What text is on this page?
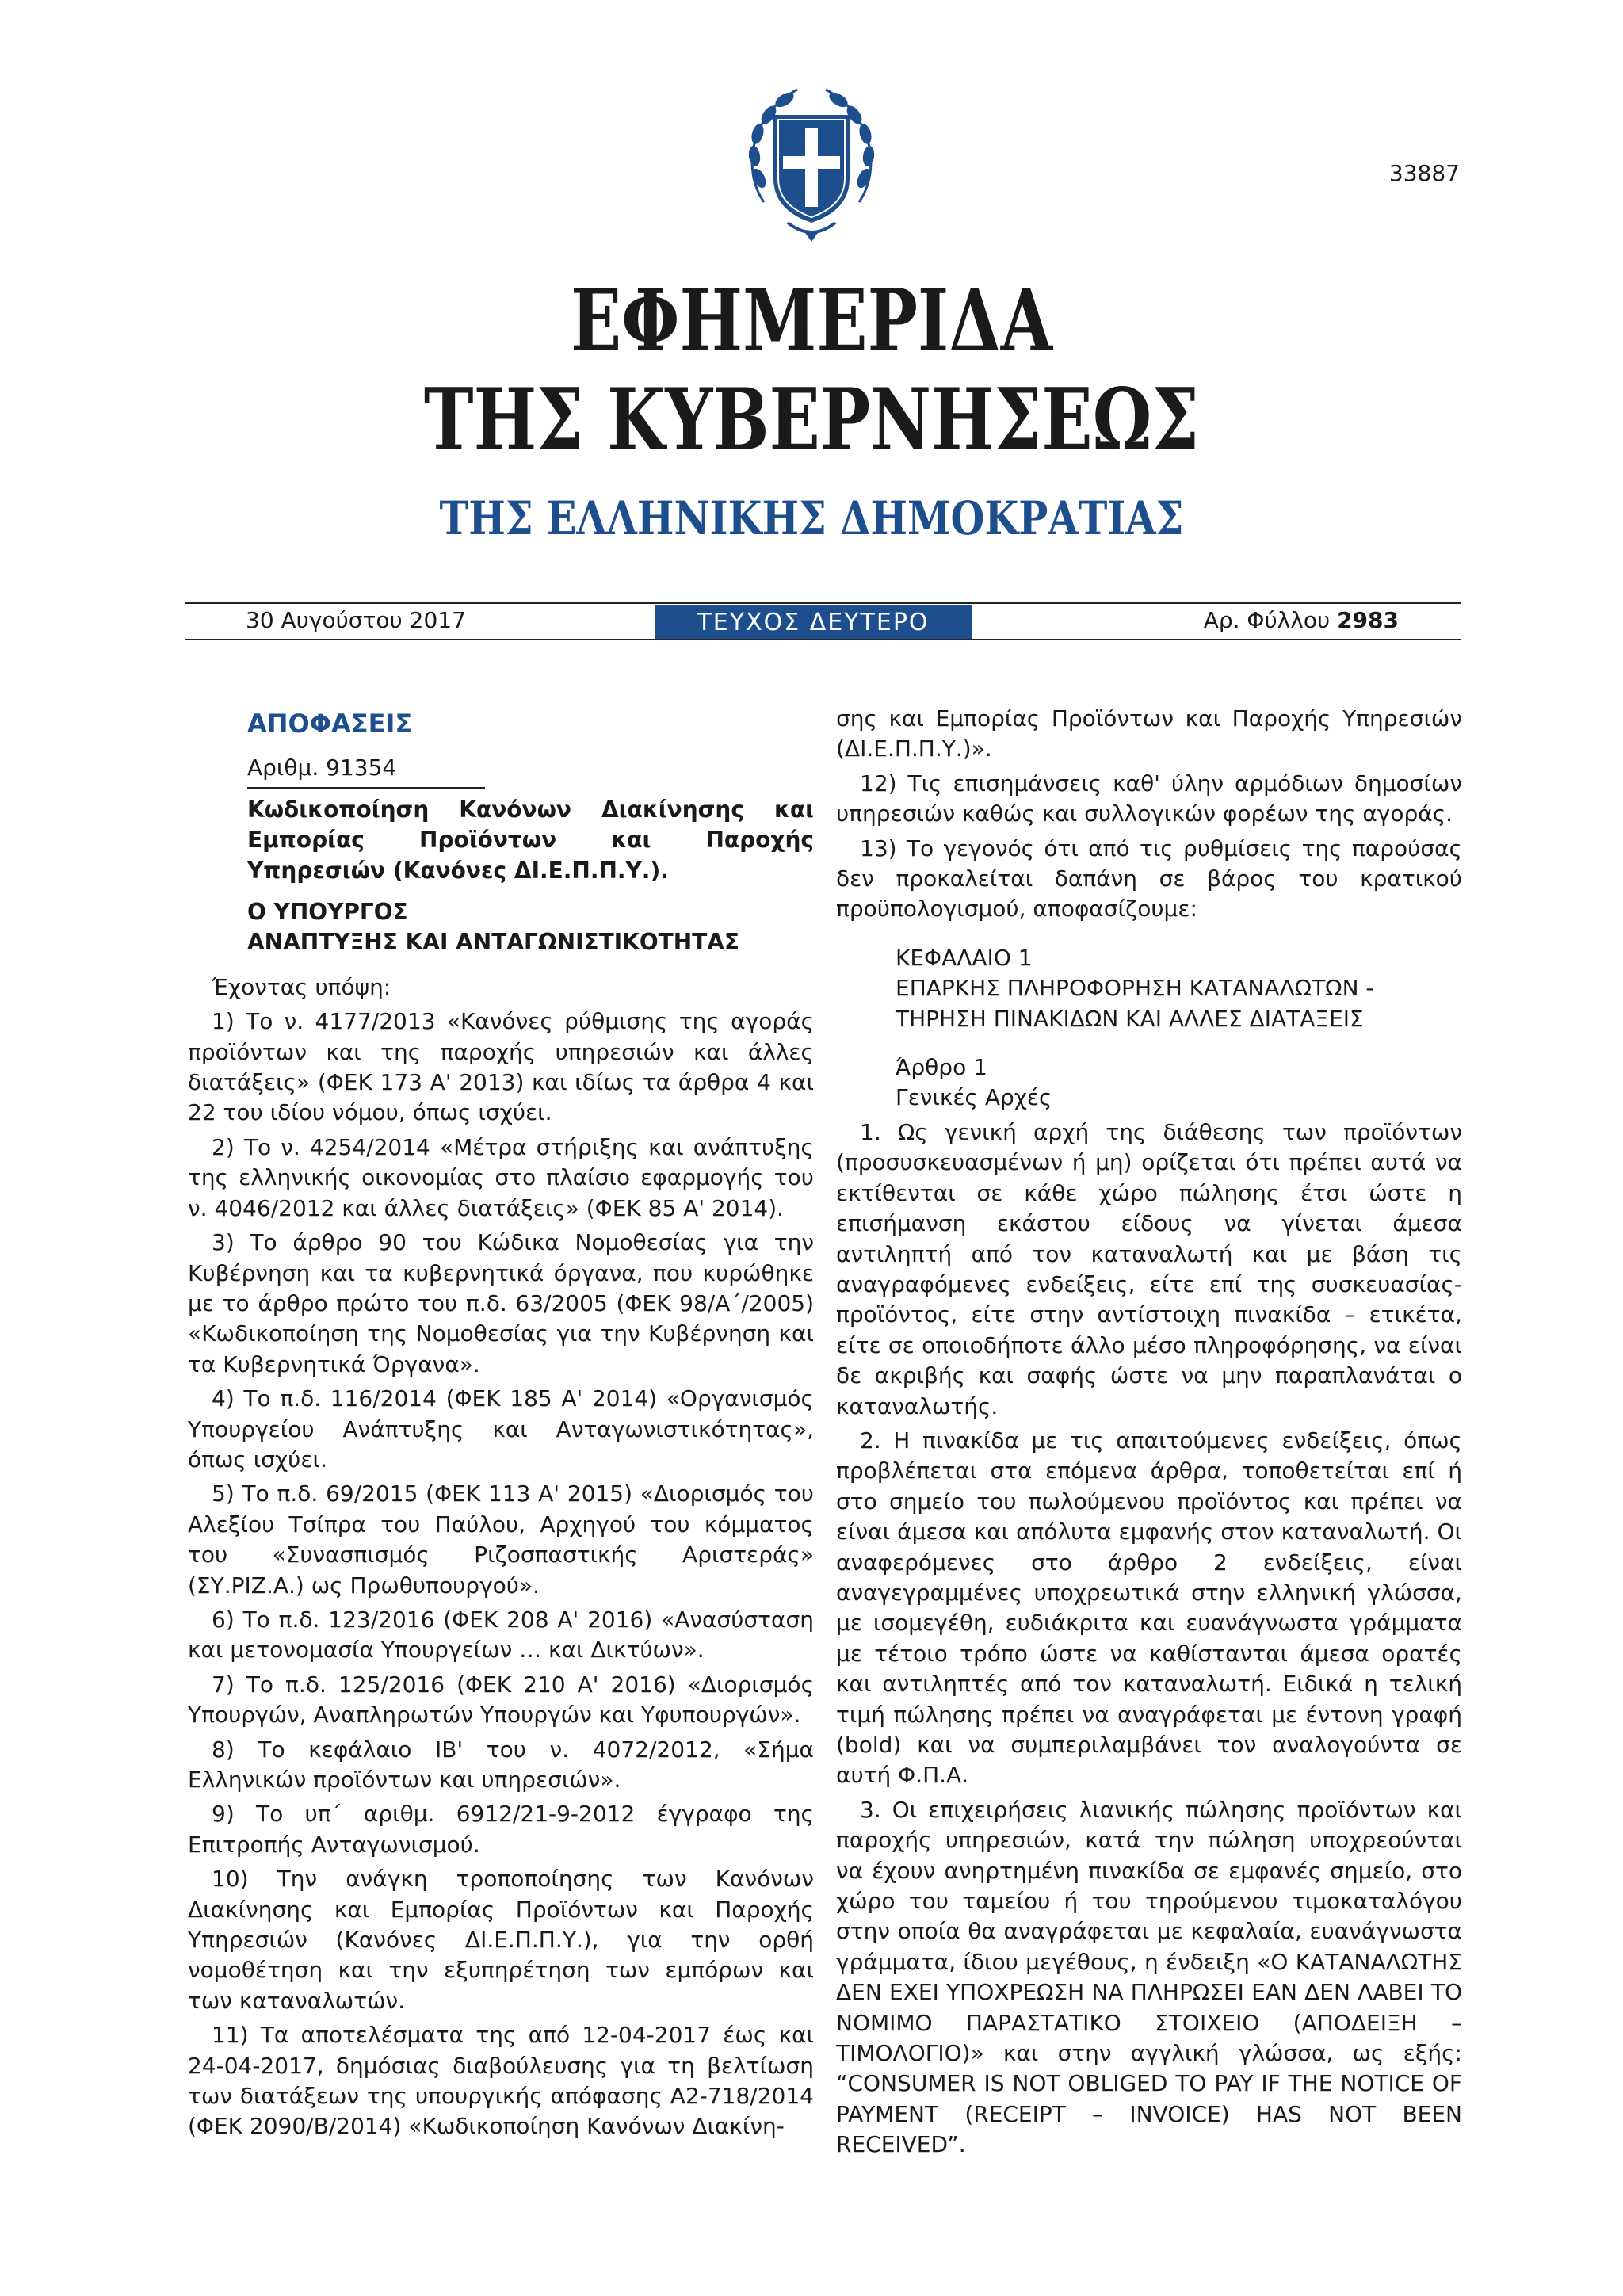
33887
ΕΦΗΜΕΡΙΔΑ
ΤΗΣ ΚΥΒΕΡΝΗΣΕΩΣ
ΤΗΣ ΕΛΛΗΝΙΚΗΣ ΔΗΜΟΚΡΑΤΙΑΣ
30 Αυγούστου 2017	ΤΕΥΧΟΣ ΔΕΥΤΕΡΟ	Αρ. Φύλλου 2983

ΑΠΟΦΑΣΕΙΣ

Αριθμ. 91354

Κωδικοποίηση Κανόνων Διακίνησης και Εμπορίας Προϊόντων και Παροχής Υπηρεσιών (Κανόνες ΔΙ.Ε.Π.Π.Υ.).

Ο ΥΠΟΥΡΓΟΣ

ΑΝΑΠΤΥΞΗΣ ΚΑΙ ΑΝΤΑΓΩΝΙΣΤΙΚΟΤΗΤΑΣ

Έχοντας υπόψη:

1) Το ν. 4177/2013 «Κανόνες ρύθμισης της αγοράς προϊόντων και της παροχής υπηρεσιών και άλλες διατάξεις» (ΦΕΚ 173 Α' 2013) και ιδίως τα άρθρα 4 και 22 του ιδίου νόμου, όπως ισχύει.

2) Το ν. 4254/2014 «Μέτρα στήριξης και ανάπτυξης της ελληνικής οικονομίας στο πλαίσιο εφαρμογής του ν. 4046/2012 και άλλες διατάξεις» (ΦΕΚ 85 Α' 2014).

3) Το άρθρο 90 του Κώδικα Νομοθεσίας για την Κυβέρνηση και τα κυβερνητικά όργανα, που κυρώθηκε με το άρθρο πρώτο του π.δ. 63/2005 (ΦΕΚ 98/Α΄/2005) «Κωδικοποίηση της Νομοθεσίας για την Κυβέρνηση και τα Κυβερνητικά Όργανα».

4) Το π.δ. 116/2014 (ΦΕΚ 185 Α' 2014) «Οργανισμός Υπουργείου Ανάπτυξης και Ανταγωνιστικότητας», όπως ισχύει.

5) Το π.δ. 69/2015 (ΦΕΚ 113 Α' 2015) «Διορισμός του Αλεξίου Τσίπρα του Παύλου, Αρχηγού του κόμματος του «Συνασπισμός Ριζοσπαστικής Αριστεράς» (ΣΥ.ΡΙΖ.Α.) ως Πρωθυπουργού».

6) Το π.δ. 123/2016 (ΦΕΚ 208 Α' 2016) «Ανασύσταση και μετονομασία Υπουργείων … και Δικτύων».

7) Το π.δ. 125/2016 (ΦΕΚ 210 Α' 2016) «Διορισμός Υπουργών, Αναπληρωτών Υπουργών και Υφυπουργών».

8) Το κεφάλαιο ΙΒ' του ν. 4072/2012, «Σήμα Ελληνικών προϊόντων και υπηρεσιών».

9) Το υπ΄ αριθμ. 6912/21-9-2012 έγγραφο της Επιτροπής Ανταγωνισμού.

10) Την ανάγκη τροποποίησης των Κανόνων Διακίνησης και Εμπορίας Προϊόντων και Παροχής Υπηρεσιών (Κανόνες ΔΙ.Ε.Π.Π.Υ.), για την ορθή νομοθέτηση και την εξυπηρέτηση των εμπόρων και των καταναλωτών.

11) Τα αποτελέσματα της από 12-04-2017 έως και 24-04-2017, δημόσιας διαβούλευσης για τη βελτίωση των διατάξεων της υπουργικής απόφασης Α2-718/2014 (ΦΕΚ 2090/Β/2014) «Κωδικοποίηση Κανόνων Διακίνη-

σης και Εμπορίας Προϊόντων και Παροχής Υπηρεσιών (ΔΙ.Ε.Π.Π.Υ.)».

12) Τις επισημάνσεις καθ' ύλην αρμόδιων δημοσίων υπηρεσιών καθώς και συλλογικών φορέων της αγοράς.

13) Το γεγονός ότι από τις ρυθμίσεις της παρούσας δεν προκαλείται δαπάνη σε βάρος του κρατικού προϋπολογισμού, αποφασίζουμε:

ΚΕΦΑΛΑΙΟ 1

ΕΠΑΡΚΗΣ ΠΛΗΡΟΦΟΡΗΣΗ ΚΑΤΑΝΑΛΩΤΩΝ -

ΤΗΡΗΣΗ ΠΙΝΑΚΙΔΩΝ ΚΑΙ ΑΛΛΕΣ ΔΙΑΤΑΞΕΙΣ

Άρθρο 1

Γενικές Αρχές

1. Ως γενική αρχή της διάθεσης των προϊόντων (προσυσκευασμένων ή μη) ορίζεται ότι πρέπει αυτά να εκτίθενται σε κάθε χώρο πώλησης έτσι ώστε η επισήμανση εκάστου είδους να γίνεται άμεσα αντιληπτή από τον καταναλωτή και με βάση τις αναγραφόμενες ενδείξεις, είτε επί της συσκευασίας-προϊόντος, είτε στην αντίστοιχη πινακίδα – ετικέτα, είτε σε οποιοδήποτε άλλο μέσο πληροφόρησης, να είναι δε ακριβής και σαφής ώστε να μην παραπλανάται ο καταναλωτής.

2. Η πινακίδα με τις απαιτούμενες ενδείξεις, όπως προβλέπεται στα επόμενα άρθρα, τοποθετείται επί ή στο σημείο του πωλούμενου προϊόντος και πρέπει να είναι άμεσα και απόλυτα εμφανής στον καταναλωτή. Οι αναφερόμενες στο άρθρο 2 ενδείξεις, είναι αναγεγραμμένες υποχρεωτικά στην ελληνική γλώσσα, με ισομεγέθη, ευδιάκριτα και ευανάγνωστα γράμματα με τέτοιο τρόπο ώστε να καθίστανται άμεσα ορατές και αντιληπτές από τον καταναλωτή. Ειδικά η τελική τιμή πώλησης πρέπει να αναγράφεται με έντονη γραφή (bold) και να συμπεριλαμβάνει τον αναλογούντα σε αυτή Φ.Π.Α.

3. Οι επιχειρήσεις λιανικής πώλησης προϊόντων και παροχής υπηρεσιών, κατά την πώληση υποχρεούνται να έχουν ανηρτημένη πινακίδα σε εμφανές σημείο, στο χώρο του ταμείου ή του τηρούμενου τιμοκαταλόγου στην οποία θα αναγράφεται με κεφαλαία, ευανάγνωστα γράμματα, ίδιου μεγέθους, η ένδειξη «Ο ΚΑΤΑΝΑΛΩΤΗΣ ΔΕΝ ΕΧΕΙ ΥΠΟΧΡΕΩΣΗ ΝΑ ΠΛΗΡΩΣΕΙ ΕΑΝ ΔΕΝ ΛΑΒΕΙ ΤΟ ΝΟΜΙΜΟ ΠΑΡΑΣΤΑΤΙΚΟ ΣΤΟΙΧΕΙΟ (ΑΠΟΔΕΙΞΗ – ΤΙΜΟΛΟΓΙΟ)» και στην αγγλική γλώσσα, ως εξής: “CONSUMER IS NOT OBLIGED TO PAY IF THE NOTICE OF PAYMENT (RECEIPT – INVOICE) HAS NOT BEEN RECEIVED”.
